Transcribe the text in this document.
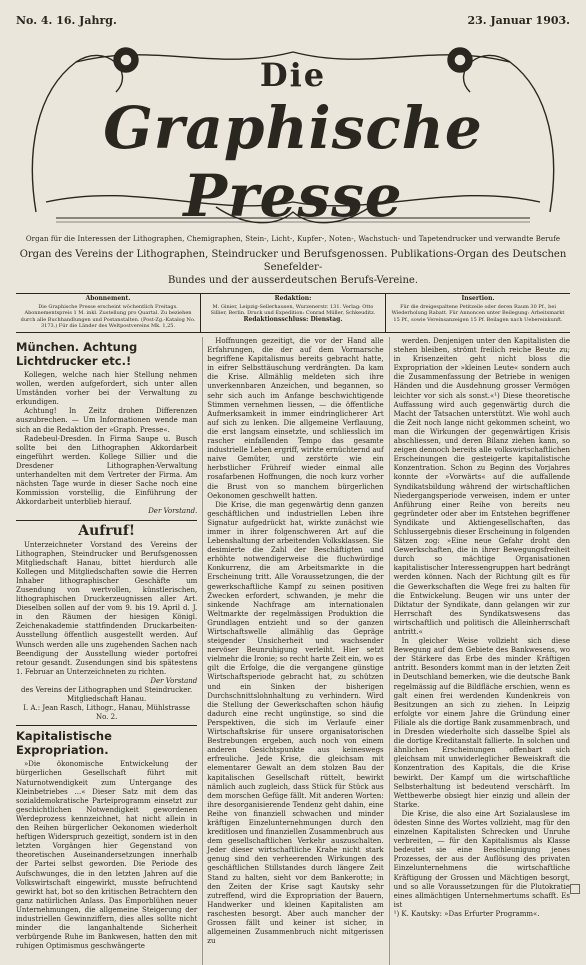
No. 4. 16. Jahrg.	23. Januar 1903.
Die
Graphische Presse
Organ für die Interessen der Lithographen, Chemigraphen, Stein-, Licht-, Kupfer-, Noten-, Wachstuch- und Tapetendrucker und verwandte Berufe
Organ des Vereins der Lithographen, Steindrucker und Berufsgenossen. Publikations-Organ des Deutschen Senefelder-
Bundes und der ausserdeutschen Berufs-Vereine.
Abonnement.
Die Graphische Presse erscheint wöchentlich Freitags. Abonnementspreis 1 M. inkl. Zustellung pro Quartal. Zu beziehen durch alle Buchhandlungen und Postanstalten. (Post-Zg.-Katalog No. 3173.) Für die Länder des Weltpostvereins Mk. 1,25.
Redaktion:
M. Ginier, Leipzig-Sellerhausen, Wurzenerstr. 131. Verlag: Otto Sillier, Berlin. Druck und Expedition: Conrad Müller, Schkeuditz.
Redaktionsschluss: Dienstag.
Insertion.
Für die dreigespaltene Petitzeile oder deren Raum 30 Pf., bei Wiederholung Rabatt. Für Annoncen unter Beilegung: Arbeitsmarkt 15 Pf., sowie Vereinsanzeigen 15 Pf. Beilagen nach Uebereinkunft.
München. Achtung Lichtdrucker etc.!

Kollegen, welche nach hier Stellung nehmen wollen, werden aufgefordert, sich unter allen Umständen vorher bei der Verwaltung zu erkundigen.

Achtung! In Zeitz drohen Differenzen auszubrechen. — Um Informationen wende man sich an die Redaktion der »Graph. Presse«.

Radebeul-Dresden. In Firma Saupe u. Busch sollte bei den Lithographen Akkordarbeit eingeführt werden. Kollege Sillier und die Dresdener Lithographen-Verwaltung unterhandelten mit dem Vertreter der Firma. Am nächsten Tage wurde in dieser Sache noch eine Kommission vorstellig, die Einführung der Akkordarbeit unterblieb hierauf.

Der Vorstand.
Aufruf!

Unterzeichneter Vorstand des Vereins der Lithographen, Steindrucker und Berufsgenossen Mitgliedschaft Hanau, bittet hierdurch alle Kollegen und Mitgliedschaften sowie die Herren Inhaber lithographischer Geschäfte um Zusendung von wertvollen, künstlerischen, lithographischen Druckerzeugnissen aller Art. Dieselben sollen auf der vom 9. bis 19. April d. J. in den Räumen der hiesigen Königl. Zeichenakademie stattfindenden Druckarbeiten-Ausstellung öffentlich ausgestellt werden. Auf Wunsch werden alle uns zugehenden Sachen nach Beendigung der Ausstellung wieder portofrei retour gesandt. Zusendungen sind bis spätestens 1. Februar an Unterzeichneten zu richten.

Der Vorstand
des Vereins der Lithographen und Steindrucker. Mitgliedschaft Hanau.
I. A.: Jean Rasch, Lithogr., Hanau, Mühlstrasse No. 2.
Kapitalistische Expropriation.

»Die ökonomische Entwickelung der bürgerlichen Gesellschaft führt mit Naturnotwendigkeit zum Untergange des Kleinbetriebes ...« Dieser Satz mit dem das sozialdemokratische Parteiprogramm einsetzt zur geschichtlichen Notwendigkeit gewordenen Werdeprozess kennzeichnet, hat nicht allein in den Reihen bürgerlicher Oekonomen wiederholt heftigen Widerspruch gezeitigt, sondern ist in den letzten Vorgängen hier Gegenstand von theoretischen Auseinandersetzungen innerhalb der Partei selbst geworden. Die Periode des Aufschwunges, die in den letzten Jahren auf die Volkswirtschaft eingewirkt, musste befruchtend gewirkt hat, bot so den kritischen Betrachtern den ganz natürlichen Anlass. Das Emporblühen neuer Unternehmungen, die allgemeine Steigerung der industriellen Gewinnziffern, dies alles sollte nicht minder die langanhaltende Sicherheit verbürgende Ruhe im Bankwesen, hatten den mit ruhigen Optimismus geschwängerte

Hoffnungen gezeitigt, die vor der Hand alle Erfahrungen, die der auf dem Vormarsche begriffene Kapitalismus bereits gebracht hatte, in eifrer Selbsttäuschung verdrängten. Da kam die Krise. Allmählig meldeten sich ihre unverkennbaren Anzeichen, und begannen, so sehr sich auch im Anfange beschwichtigende Stimmen vernehmen liessen, — die öffentliche Aufmerksamkeit in immer eindringlicherer Art auf sich zu lenken. Die allgemeine Verflauung, die erst langsam einsetzte, und schliesslich im rascher einfallenden Tempo das gesamte industrielle Leben ergriff, wirkte ernüchternd auf naive Gemüter, und zerstörte wie ein herbstlicher Frühreif wieder einmal alle rosafarbenen Hoffnungen, die noch kurz vorher die Brust von so manchem bürgerlichen Oekonomen geschwellt hatten.

Die Krise, die man gegenwärtig denn ganzen geschäftlichen und industriellen Leben ihre Signatur aufgedrückt hat, wirkte zunächst wie immer in ihrer folgenschweren Art auf die Lebenshaltung der arbeitenden Volksklassen. Sie desimierte die Zahl der Beschäftigten und erhöhte notwendigerweise die fluchwürdige Konkurrenz, die am Arbeitsmarkte in die Erscheinung tritt. Alle Voraussetzungen, die der gewerkschaftliche Kampf zu seinen positiven Zwecken erfordert, schwanden, je mehr die sinkende Nachfrage am internationalen Weltmarkte der regelmässigen Produktion die Grundlagen entzieht und so der ganzen Wirtschaftswelle allmählig das Gepräge steigender Unsicherheit und wachsender nervöser Beunruhigung verleiht. Hier setzt vielmehr die Ironie; so recht harte Zeit ein, wo es gilt die Erfolge, die die vergangene günstige Wirtschaftsperiode gebracht hat, zu schützen und ein Sinken der bisherigen Durchschnittslohnhaltung zu verhindern. Wird die Stellung der Gewerkschaften schon häufig dadurch eine recht ungünstige, so sind die Perspektiven, die sich im Verlaufe einer Wirtschaftskrise für unsere organisatorischen Bestrebungen ergeben, auch noch von einem anderen Gesichtspunkte aus keineswegs erfreuliche. Jede Krise, die gleichsam mit elementarer Gewalt an dem stolzen Bau der kapitalischen Gesellschaft rüttelt, bewirkt nämlich auch zugleich, dass Stück für Stück aus dem morschen Gefüge fällt. Mit anderen Worten: ihre desorganisierende Tendenz geht dahin, eine Reihe von finanziell schwachen und minder kräftigen Einzelunternehmungen durch den kreditlosen und finanziellen Zusammenbruch aus dem gesellschaftlichen Verkehr auszuschalten. Jeder dieser wirtschaftliche Krahe nicht stark genug sind den verheerenden Wirkungen des geschäftlichen Stillstandes durch längere Zeit Stand zu halten, sieht vor dem Bankerotte; in den Zeiten der Krise sagt Kautsky sehr zutreffend, wird die Expropriation der Bauern, Handwerker und kleinen Kapitalisten am raschesten besorgt. Aber auch mancher der Grossen fällt und keiner ist sicher, in allgemeinen Zusammenbruch nicht mitgerissen zu

werden. Denjenigen unter den Kapitalisten die stehen bleiben, strömt freilich reiche Beute zu; in Krisenzeiten geht nicht bloss die Expropriation der »kleinen Leute« sondern auch die Zusammenfassung der Betriebe in wenigen Händen und die Ausdehnung grosser Vermögen leichter vor sich als sonst.«¹) Diese theoretische Auffassung wird auch gegenwärtig durch die Macht der Tatsachen unterstützt. Wie wohl auch die Zeit noch lange nicht gekommen scheint, wo man die Wirkungen der gegenwärtigen Krisis abschliessen, und deren Bilanz ziehen kann, so zeigen dennoch bereits alle volkswirtschaftlichen Erscheinungen die gesteigerte kapitalistische Konzentration. Schon zu Beginn des Vorjahres konnte der »Vorwärts« auf die auffallende Syndikatsbildung während der wirtschaftlichen Niedergangsperiode verweisen, indem er unter Anführung einer Reihe von bereits neu gegründeter oder aber im Entstehen begriffener Syndikate und Aktiengesellschaften, das Schlussergebnis dieser Erscheinung in folgenden Sätzen zog: »Eine neue Gefahr droht den Gewerkschaften, die in ihrer Bewegungsfreiheit durch so mächtige Organisationen kapitalistischer Interessengruppen hart bedrängt werden können. Nach der Richtung gilt es für die Gewerkschaften die Wege frei zu halten für die Entwickelung. Beugen wir uns unter der Diktatur der Syndikate, dann gelangen wir zur Herrschaft des Syndikatswesens das wirtschaftlich und politisch die Alleinherrschaft antritt.«

In gleicher Weise vollzieht sich diese Bewegung auf dem Gebiete des Bankwesens, wo der Stärkere das Erbe des minder Kräftigen antritt. Besonders kommt man in der letzten Zeit in Deutschland bemerken, wie die deutsche Bank regelmässig auf die Bildfläche erschien, wenn es galt einen frei werdenden Kundenkreis von Besitzungen an sich zu ziehen. In Leipzig erfolgte vor einem Jahre die Gründung einer Filiale als die dortige Bank zusammenbrach, und in Dresden wiederholte sich dasselbe Spiel als die dortige Kreditanstalt fallierte. In solchen und ähnlichen Erscheinungen offenbart sich gleichsam mit unwiderleglicher Beweiskraft die Konzentration des Kapitals, die die Krise bewirkt. Der Kampf um die wirtschaftliche Selbsterhaltung ist bedeutend verschärft. Im Wettbewerbe obsiegt hier einzig und allein der Starke.

Die Krise, die also eine Art Sozialauslese im ödesten Sinne des Wortes vollzieht, mag für den einzelnen Kapitalisten Schrecken und Unruhe verbreiten, — für den Kapitalismus als Klasse bedeutet sie eine Beschleunigung jenes Prozesses, der aus der Auflösung des privaten Einzelunternehmens die wirtschaftliche Kräftigung der Grossen und Mächtigen besorgt, und so alle Voraussetzungen für die Plutokratie eines allmächtigen Unternehmertums schafft. Es ist

¹) K. Kautsky: »Das Erfurter Programm«.
